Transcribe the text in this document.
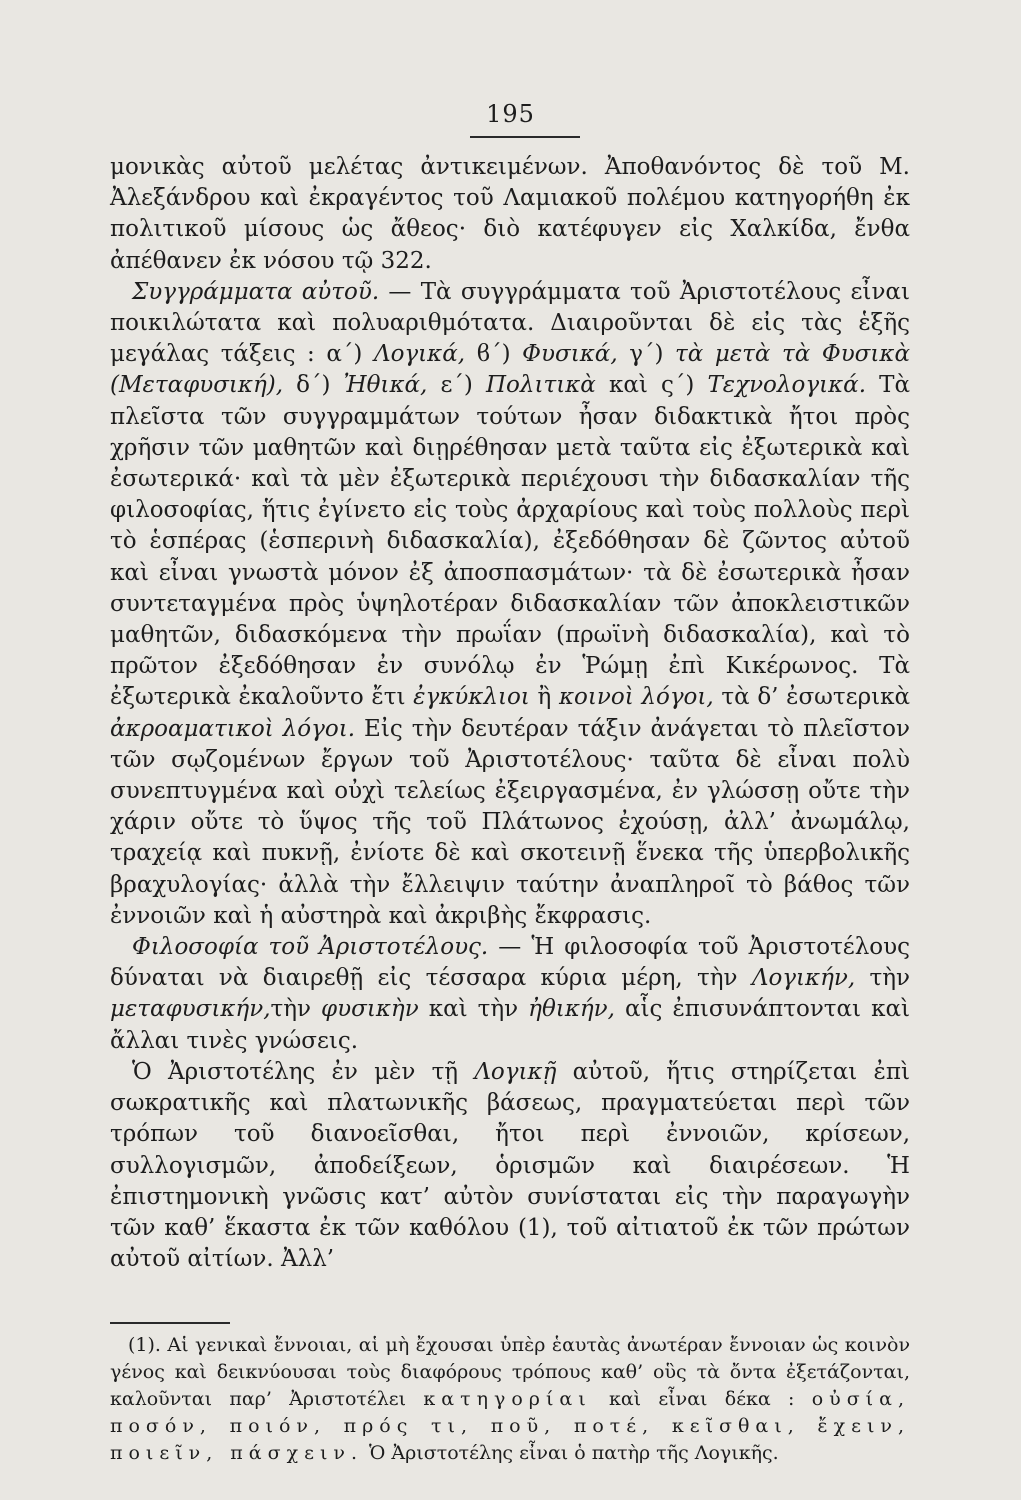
195

μονικὰς αὐτοῦ μελέτας ἀντικειμένων. Ἀποθανόντος δὲ τοῦ Μ. Ἀλεξάνδρου καὶ ἐκραγέντος τοῦ Λαμιακοῦ πολέμου κατηγορήθη ἐκ πολιτικοῦ μίσους ὡς ἄθεος· διὸ κατέφυγεν εἰς Χαλκίδα, ἔνθα ἀπέθανεν ἐκ νόσου τῷ 322.

Συγγράμματα αὐτοῦ. — Τὰ συγγράμματα τοῦ Ἀριστοτέλους εἶναι ποικιλώτατα καὶ πολυαριθμότατα. Διαιροῦνται δὲ εἰς τὰς ἑξῆς μεγάλας τάξεις : α΄) Λογικά, ϐ΄) Φυσικά, γ΄) τὰ μετὰ τὰ Φυσικὰ (Μεταφυσική), δ΄) Ἠθικά, ε΄) Πολιτικὰ καὶ ς΄) Τεχνολογικά. Τὰ πλεῖστα τῶν συγγραμμάτων τούτων ἦσαν διδακτικὰ ἤτοι πρὸς χρῆσιν τῶν μαθητῶν καὶ διῃρέθησαν μετὰ ταῦτα εἰς ἐξωτερικὰ καὶ ἐσωτερικά· καὶ τὰ μὲν ἐξωτερικὰ περιέχουσι τὴν διδασκαλίαν τῆς φιλοσοφίας, ἥτις ἐγίνετο εἰς τοὺς ἀρχαρίους καὶ τοὺς πολλοὺς περὶ τὸ ἑσπέρας (ἑσπερινὴ διδασκαλία), ἐξεδόθησαν δὲ ζῶντος αὐτοῦ καὶ εἶναι γνωστὰ μόνον ἐξ ἀποσπασμάτων· τὰ δὲ ἐσωτερικὰ ἦσαν συντεταγμένα πρὸς ὑψηλοτέραν διδασκαλίαν τῶν ἀποκλειστικῶν μαθητῶν, διδασκόμενα τὴν πρωΐαν (πρωϊνὴ διδασκαλία), καὶ τὸ πρῶτον ἐξεδόθησαν ἐν συνόλῳ ἐν Ῥώμῃ ἐπὶ Κικέρωνος. Τὰ ἐξωτερικὰ ἐκαλοῦντο ἔτι ἐγκύκλιοι ἢ κοινοὶ λόγοι, τὰ δ’ ἐσωτερικὰ ἀκροαματικοὶ λόγοι. Εἰς τὴν δευτέραν τάξιν ἀνάγεται τὸ πλεῖστον τῶν σῳζομένων ἔργων τοῦ Ἀριστοτέλους· ταῦτα δὲ εἶναι πολὺ συνεπτυγμένα καὶ οὐχὶ τελείως ἐξειργασμένα, ἐν γλώσσῃ οὔτε τὴν χάριν οὔτε τὸ ὕψος τῆς τοῦ Πλάτωνος ἐχούσῃ, ἀλλ’ ἀνωμάλῳ, τραχείᾳ καὶ πυκνῇ, ἐνίοτε δὲ καὶ σκοτεινῇ ἕνεκα τῆς ὑπερβολικῆς βραχυλογίας· ἀλλὰ τὴν ἔλλειψιν ταύτην ἀναπληροῖ τὸ βάθος τῶν ἐννοιῶν καὶ ἡ αὐστηρὰ καὶ ἀκριβὴς ἔκφρασις.

Φιλοσοφία τοῦ Ἀριστοτέλους. — Ἡ φιλοσοφία τοῦ Ἀριστοτέλους δύναται νὰ διαιρεθῇ εἰς τέσσαρα κύρια μέρη, τὴν Λογικήν, τὴν μεταφυσικήν,τὴν φυσικὴν καὶ τὴν ἠθικήν, αἷς ἐπισυνάπτονται καὶ ἄλλαι τινὲς γνώσεις.

Ὁ Ἀριστοτέλης ἐν μὲν τῇ Λογικῇ αὐτοῦ, ἥτις στηρίζεται ἐπὶ σωκρατικῆς καὶ πλατωνικῆς βάσεως, πραγματεύεται περὶ τῶν τρόπων τοῦ διανοεῖσθαι, ἤτοι περὶ ἐννοιῶν, κρίσεων, συλλογισμῶν, ἀποδείξεων, ὁρισμῶν καὶ διαιρέσεων. Ἡ ἐπιστημονικὴ γνῶσις κατ’ αὐτὸν συνίσταται εἰς τὴν παραγωγὴν τῶν καθ’ ἕκαστα ἐκ τῶν καθόλου (1), τοῦ αἰτιατοῦ ἐκ τῶν πρώτων αὐτοῦ αἰτίων. Ἀλλ’

(1). Αἱ γενικαὶ ἔννοιαι, αἱ μὴ ἔχουσαι ὑπὲρ ἑαυτὰς ἀνωτέραν ἔννοιαν ὡς κοινὸν γένος καὶ δεικνύουσαι τοὺς διαφόρους τρόπους καθ’ οὓς τὰ ὄντα ἐξετάζονται, καλοῦνται παρ’ Ἀριστοτέλει κατηγορίαι καὶ εἶναι δέκα : οὐσία, ποσόν, ποιόν, πρός τι, ποῦ, ποτέ, κεῖσθαι, ἔχειν, ποιεῖν, πάσχειν. Ὁ Ἀριστοτέλης εἶναι ὁ πατὴρ τῆς Λογικῆς.
